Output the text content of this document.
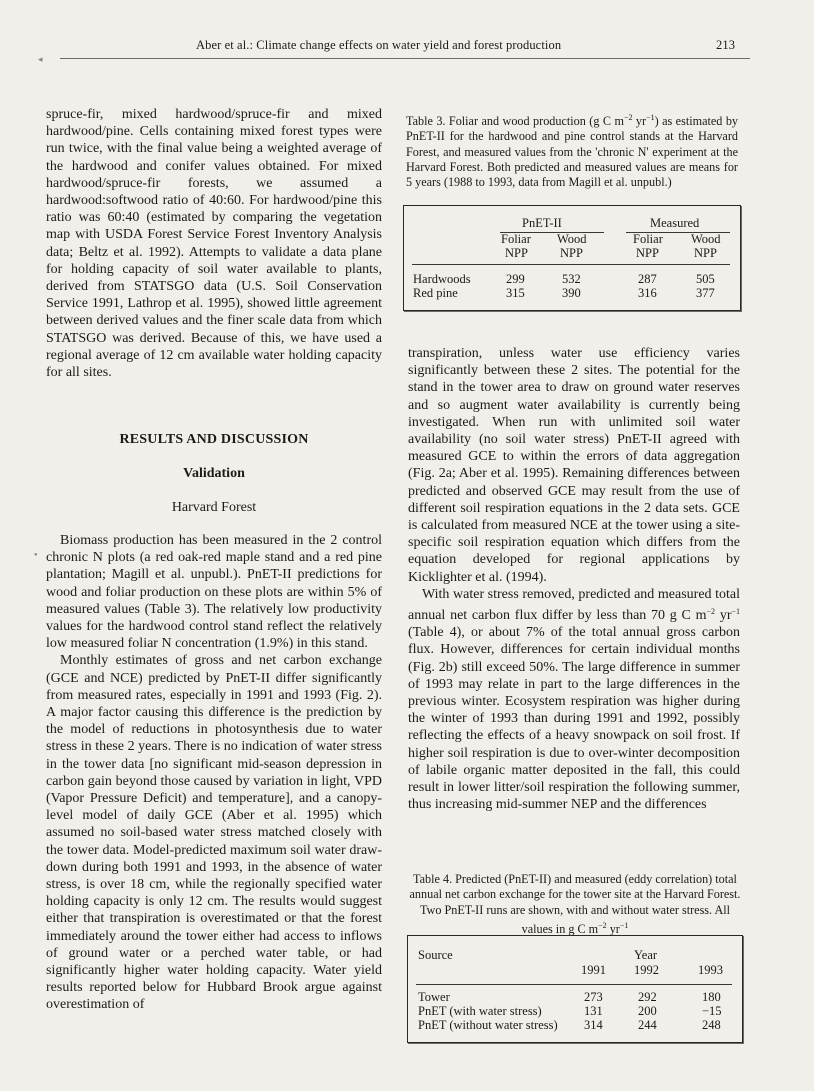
Aber et al.: Climate change effects on water yield and forest production	213
◂
●

spruce-fir, mixed hardwood/spruce-fir and mixed hardwood/pine. Cells containing mixed forest types were run twice, with the final value being a weighted average of the hardwood and conifer values obtained. For mixed hardwood/spruce-fir forests, we assumed a hardwood:softwood ratio of 40:60. For hardwood/pine this ratio was 60:40 (estimated by comparing the vegetation map with USDA Forest Service Forest Inventory Analysis data; Beltz et al. 1992). Attempts to validate a data plane for holding capacity of soil water available to plants, derived from STATSGO data (U.S. Soil Conservation Service 1991, Lathrop et al. 1995), showed little agreement between derived values and the finer scale data from which STATSGO was derived. Because of this, we have used a regional average of 12 cm available water holding capacity for all sites.

RESULTS AND DISCUSSION
Validation
Harvard Forest

Biomass production has been measured in the 2 control chronic N plots (a red oak-red maple stand and a red pine plantation; Magill et al. unpubl.). PnET-II predictions for wood and foliar production on these plots are within 5% of measured values (Table 3). The relatively low productivity values for the hardwood control stand reflect the relatively low measured foliar N concentration (1.9%) in this stand.

Monthly estimates of gross and net carbon exchange (GCE and NCE) predicted by PnET-II differ significantly from measured rates, especially in 1991 and 1993 (Fig. 2). A major factor causing this difference is the prediction by the model of reductions in photosynthesis due to water stress in these 2 years. There is no indication of water stress in the tower data [no significant mid-season depression in carbon gain beyond those caused by variation in light, VPD (Vapor Pressure Deficit) and temperature], and a canopy-level model of daily GCE (Aber et al. 1995) which assumed no soil-based water stress matched closely with the tower data. Model-predicted maximum soil water draw-down during both 1991 and 1993, in the absence of water stress, is over 18 cm, while the regionally specified water holding capacity is only 12 cm. The results would suggest either that transpiration is overestimated or that the forest immediately around the tower either had access to inflows of ground water or a perched water table, or had significantly higher water holding capacity. Water yield results reported below for Hubbard Brook argue against overestimation of

Table 3. Foliar and wood production (g C $m^{-2}$ $yr^{-1}$) as estimated by PnET-II for the hardwood and pine control stands at the Harvard Forest, and measured values from the 'chronic N' experiment at the Harvard Forest. Both predicted and measured values are means for 5 years (1988 to 1993, data from Magill et al. unpubl.)
PnET-II	Measured
Foliar Wood	Foliar Wood
NPP	NPP	NPP	NPP
Hardwoods	299	532	287	505
Red pine	315	390	316	377

transpiration, unless water use efficiency varies significantly between these 2 sites. The potential for the stand in the tower area to draw on ground water reserves and so augment water availability is currently being investigated. When run with unlimited soil water availability (no soil water stress) PnET-II agreed with measured GCE to within the errors of data aggregation (Fig. 2a; Aber et al. 1995). Remaining differences between predicted and observed GCE may result from the use of different soil respiration equations in the 2 data sets. GCE is calculated from measured NCE at the tower using a site-specific soil respiration equation which differs from the equation developed for regional applications by Kicklighter et al. (1994).

With water stress removed, predicted and measured total annual net carbon flux differ by less than 70 g C $m^{-2}$ $yr^{-1}$ (Table 4), or about 7% of the total annual gross carbon flux. However, differences for certain individual months (Fig. 2b) still exceed 50%. The large difference in summer of 1993 may relate in part to the large differences in the previous winter. Ecosystem respiration was higher during the winter of 1993 than during 1991 and 1992, possibly reflecting the effects of a heavy snowpack on soil frost. If higher soil respiration is due to over-winter decomposition of labile organic matter deposited in the fall, this could result in lower litter/soil respiration the following summer, thus increasing mid-summer NEP and the differences

Table 4. Predicted (PnET-II) and measured (eddy correlation) total annual net carbon exchange for the tower site at the Harvard Forest. Two PnET-II runs are shown, with and without water stress. All values in g C $m^{-2}$ $yr^{-1}$
Source	Year
1991 1992	1993
Tower	273	292	180
PnET (with water stress)	131	200	−15
PnET (without water stress) 314	244	248
